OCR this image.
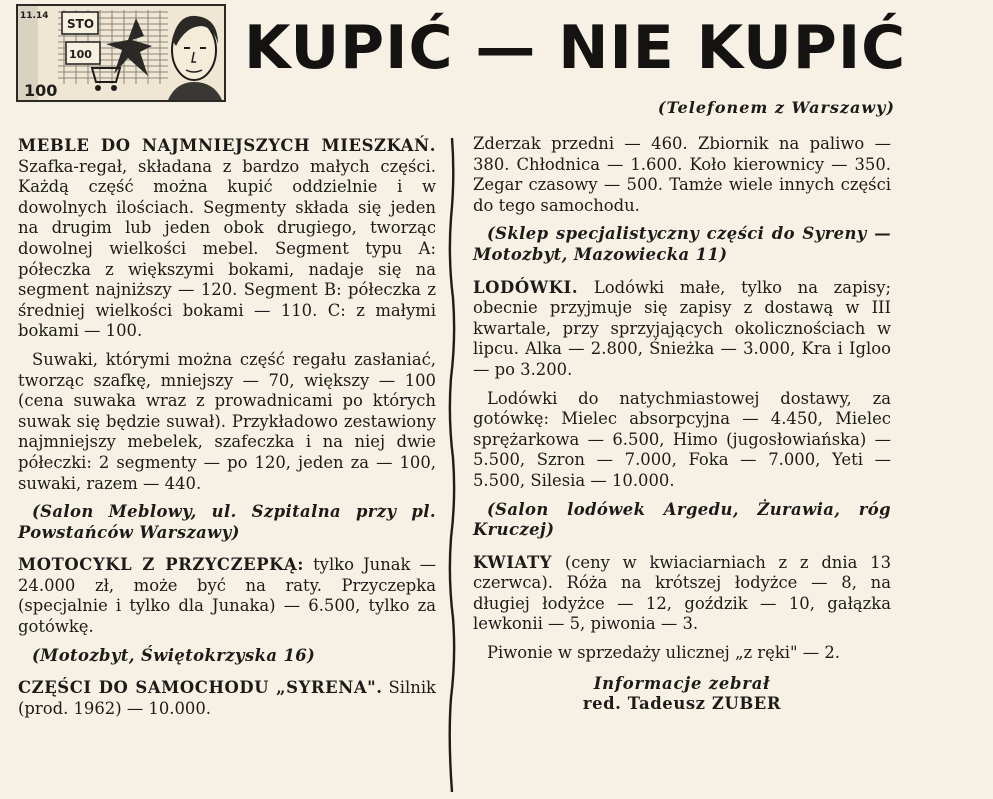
11.14
STO
100
100
KUPIĆ — NIE KUPIĆ
(Telefonem z Warszawy)

MEBLE DO NAJMNIEJSZYCH MIESZKAŃ. Szafka-regał, składana z bardzo małych części. Każdą część można kupić oddzielnie i w dowolnych ilościach. Segmenty składa się jeden na drugim lub jeden obok drugiego, tworząc dowolnej wielkości mebel. Segment typu A: półeczka z większymi bokami, nadaje się na segment najniższy — 120. Segment B: półeczka z średniej wielkości bokami — 110. C: z małymi bokami — 100.

Suwaki, którymi można część regału zasłaniać, tworząc szafkę, mniejszy — 70, większy — 100 (cena suwaka wraz z prowadnicami po których suwak się będzie suwał). Przykładowo zestawiony najmniejszy mebelek, szafeczka i na niej dwie półeczki: 2 segmenty — po 120, jeden za — 100, suwaki, razem — 440.

(Salon Meblowy, ul. Szpitalna przy pl. Powstańców Warszawy)

MOTOCYKL Z PRZYCZEPKĄ: tylko Junak — 24.000 zł, może być na raty. Przyczepka (specjalnie i tylko dla Junaka) — 6.500, tylko za gotówkę.

(Motozbyt, Świętokrzyska 16)

CZĘŚCI DO SAMOCHODU „SYRENA". Silnik (prod. 1962) — 10.000.

Zderzak przedni — 460. Zbiornik na paliwo — 380. Chłodnica — 1.600. Koło kierownicy — 350. Zegar czasowy — 500. Tamże wiele innych części do tego samochodu.

(Sklep specjalistyczny części do Syreny — Motozbyt, Mazowiecka 11)

LODÓWKI. Lodówki małe, tylko na zapisy; obecnie przyjmuje się zapisy z dostawą w III kwartale, przy sprzyjających okolicznościach w lipcu. Alka — 2.800, Śnieżka — 3.000, Kra i Igloo — po 3.200.

Lodówki do natychmiastowej dostawy, za gotówkę: Mielec absorpcyjna — 4.450, Mielec sprężarkowa — 6.500, Himo (jugosłowiańska) — 5.500, Szron — 7.000, Foka — 7.000, Yeti — 5.500, Silesia — 10.000.

(Salon lodówek Argedu, Żurawia, róg Kruczej)

KWIATY (ceny w kwiaciarniach z z dnia 13 czerwca). Róża na krótszej łodyżce — 8, na długiej łodyżce — 12, goździk — 10, gałązka lewkonii — 5, piwonia — 3.

Piwonie w sprzedaży ulicznej „z ręki" — 2.

Informacje zebrał
red. Tadeusz ZUBER
